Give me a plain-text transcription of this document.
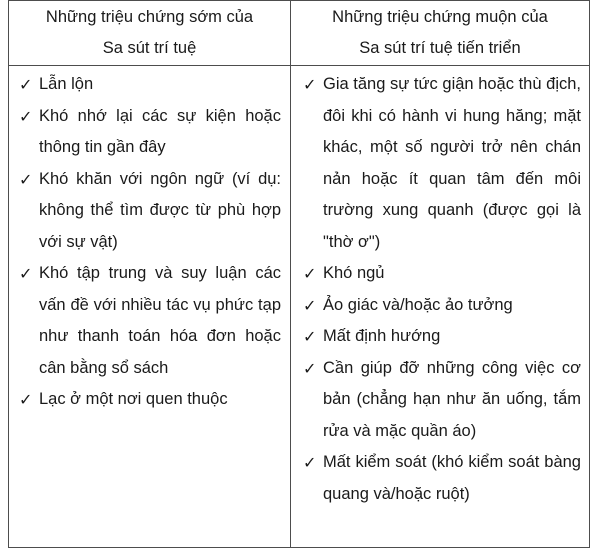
Những triệu chứng sớm của
Sa sút trí tuệ
Những triệu chứng muộn của
Sa sút trí tuệ tiến triển
✓ Lẫn lộn
✓ Khó nhớ lại các sự kiện hoặc thông tin gần đây
✓ Khó khăn với ngôn ngữ (ví dụ: không thể tìm được từ phù hợp với sự vật)
✓ Khó tập trung và suy luận các vấn đề với nhiều tác vụ phức tạp như thanh toán hóa đơn hoặc cân bằng sổ sách
✓ Lạc ở một nơi quen thuộc
✓ Gia tăng sự tức giận hoặc thù địch, đôi khi có hành vi hung hăng; mặt khác, một số người trở nên chán nản hoặc ít quan tâm đến môi trường xung quanh (được gọi là "thờ ơ")
✓ Khó ngủ
✓ Ảo giác và/hoặc ảo tưởng
✓ Mất định hướng
✓ Cần giúp đỡ những công việc cơ bản (chẳng hạn như ăn uống, tắm rửa và mặc quần áo)
✓ Mất kiểm soát (khó kiểm soát bàng quang và/hoặc ruột)
